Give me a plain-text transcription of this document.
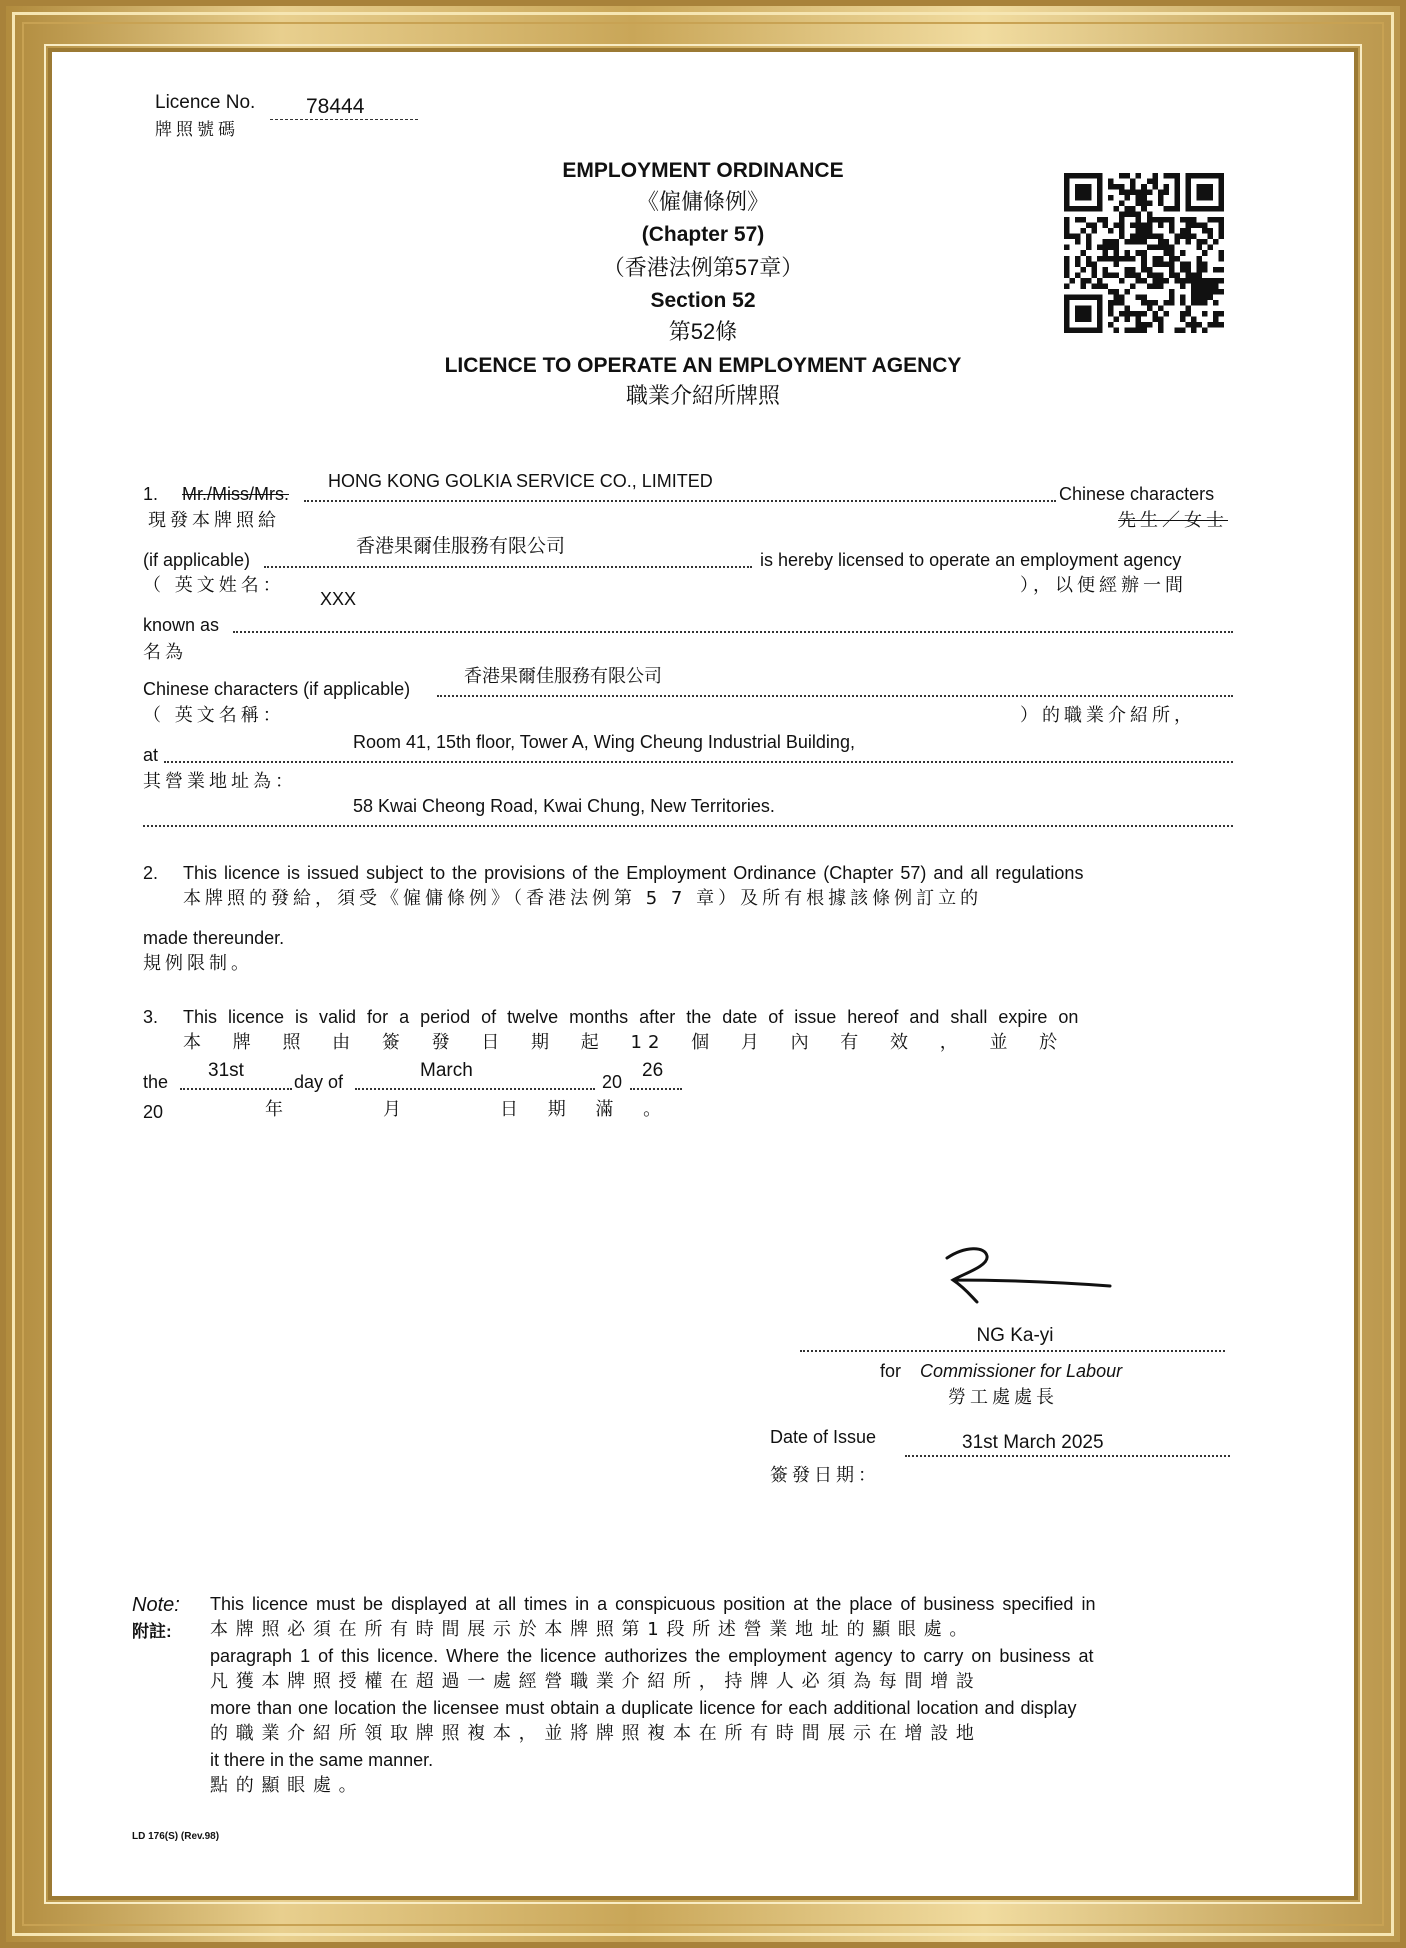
Licence No.
牌照號碼
78444
EMPLOYMENT ORDINANCE
《僱傭條例》
(Chapter 57)
（香港法例第57章）
Section 52
第52條
LICENCE TO OPERATE AN EMPLOYMENT AGENCY
職業介紹所牌照
1. Mr./Miss/Mrs.
HONG KONG GOLKIA SERVICE CO., LIMITED
Chinese characters
現發本牌照給	先生／女士
(if applicable)
香港果爾佳服務有限公司
is hereby licensed to operate an employment agency
（ 英文姓名：
XXX
），以便經辦一間
known as
名為
Chinese characters (if applicable)
香港果爾佳服務有限公司
（ 英文名稱：	）的職業介紹所，
at
Room 41, 15th floor, Tower A, Wing Cheung Industrial Building,
其營業地址為：
58 Kwai Cheong Road, Kwai Chung, New Territories.
2. This licence is issued subject to the provisions of the Employment Ordinance (Chapter 57) and all regulations
本牌照的發給，須受《僱傭條例》（香港法例第 5 7 章）及所有根據該條例訂立的
made thereunder.
規例限制。
3. This licence is valid for a period of twelve months after the date of issue hereof and shall expire on
本 牌 照 由 簽 發 日 期 起 12 個 月 內 有 效 ， 並 於
the
31st
day of
March
20
26
20	年	月	日 期 滿 。
NG Ka-yi
for Commissioner for Labour
勞工處處長
Date of Issue	31st March 2025
簽發日期：
Note:
附註:
This licence must be displayed at all times in a conspicuous position at the place of business specified in
本 牌 照 必 須 在 所 有 時 間 展 示 於 本 牌 照 第 1 段 所 述 營 業 地 址 的 顯 眼 處 。
paragraph 1 of this licence. Where the licence authorizes the employment agency to carry on business at
凡 獲 本 牌 照 授 權 在 超 過 一 處 經 營 職 業 介 紹 所 ， 持 牌 人 必 須 為 每 間 增 設
more than one location the licensee must obtain a duplicate licence for each additional location and display
的 職 業 介 紹 所 領 取 牌 照 複 本 ， 並 將 牌 照 複 本 在 所 有 時 間 展 示 在 增 設 地
it there in the same manner.
點 的 顯 眼 處 。
LD 176(S) (Rev.98)
